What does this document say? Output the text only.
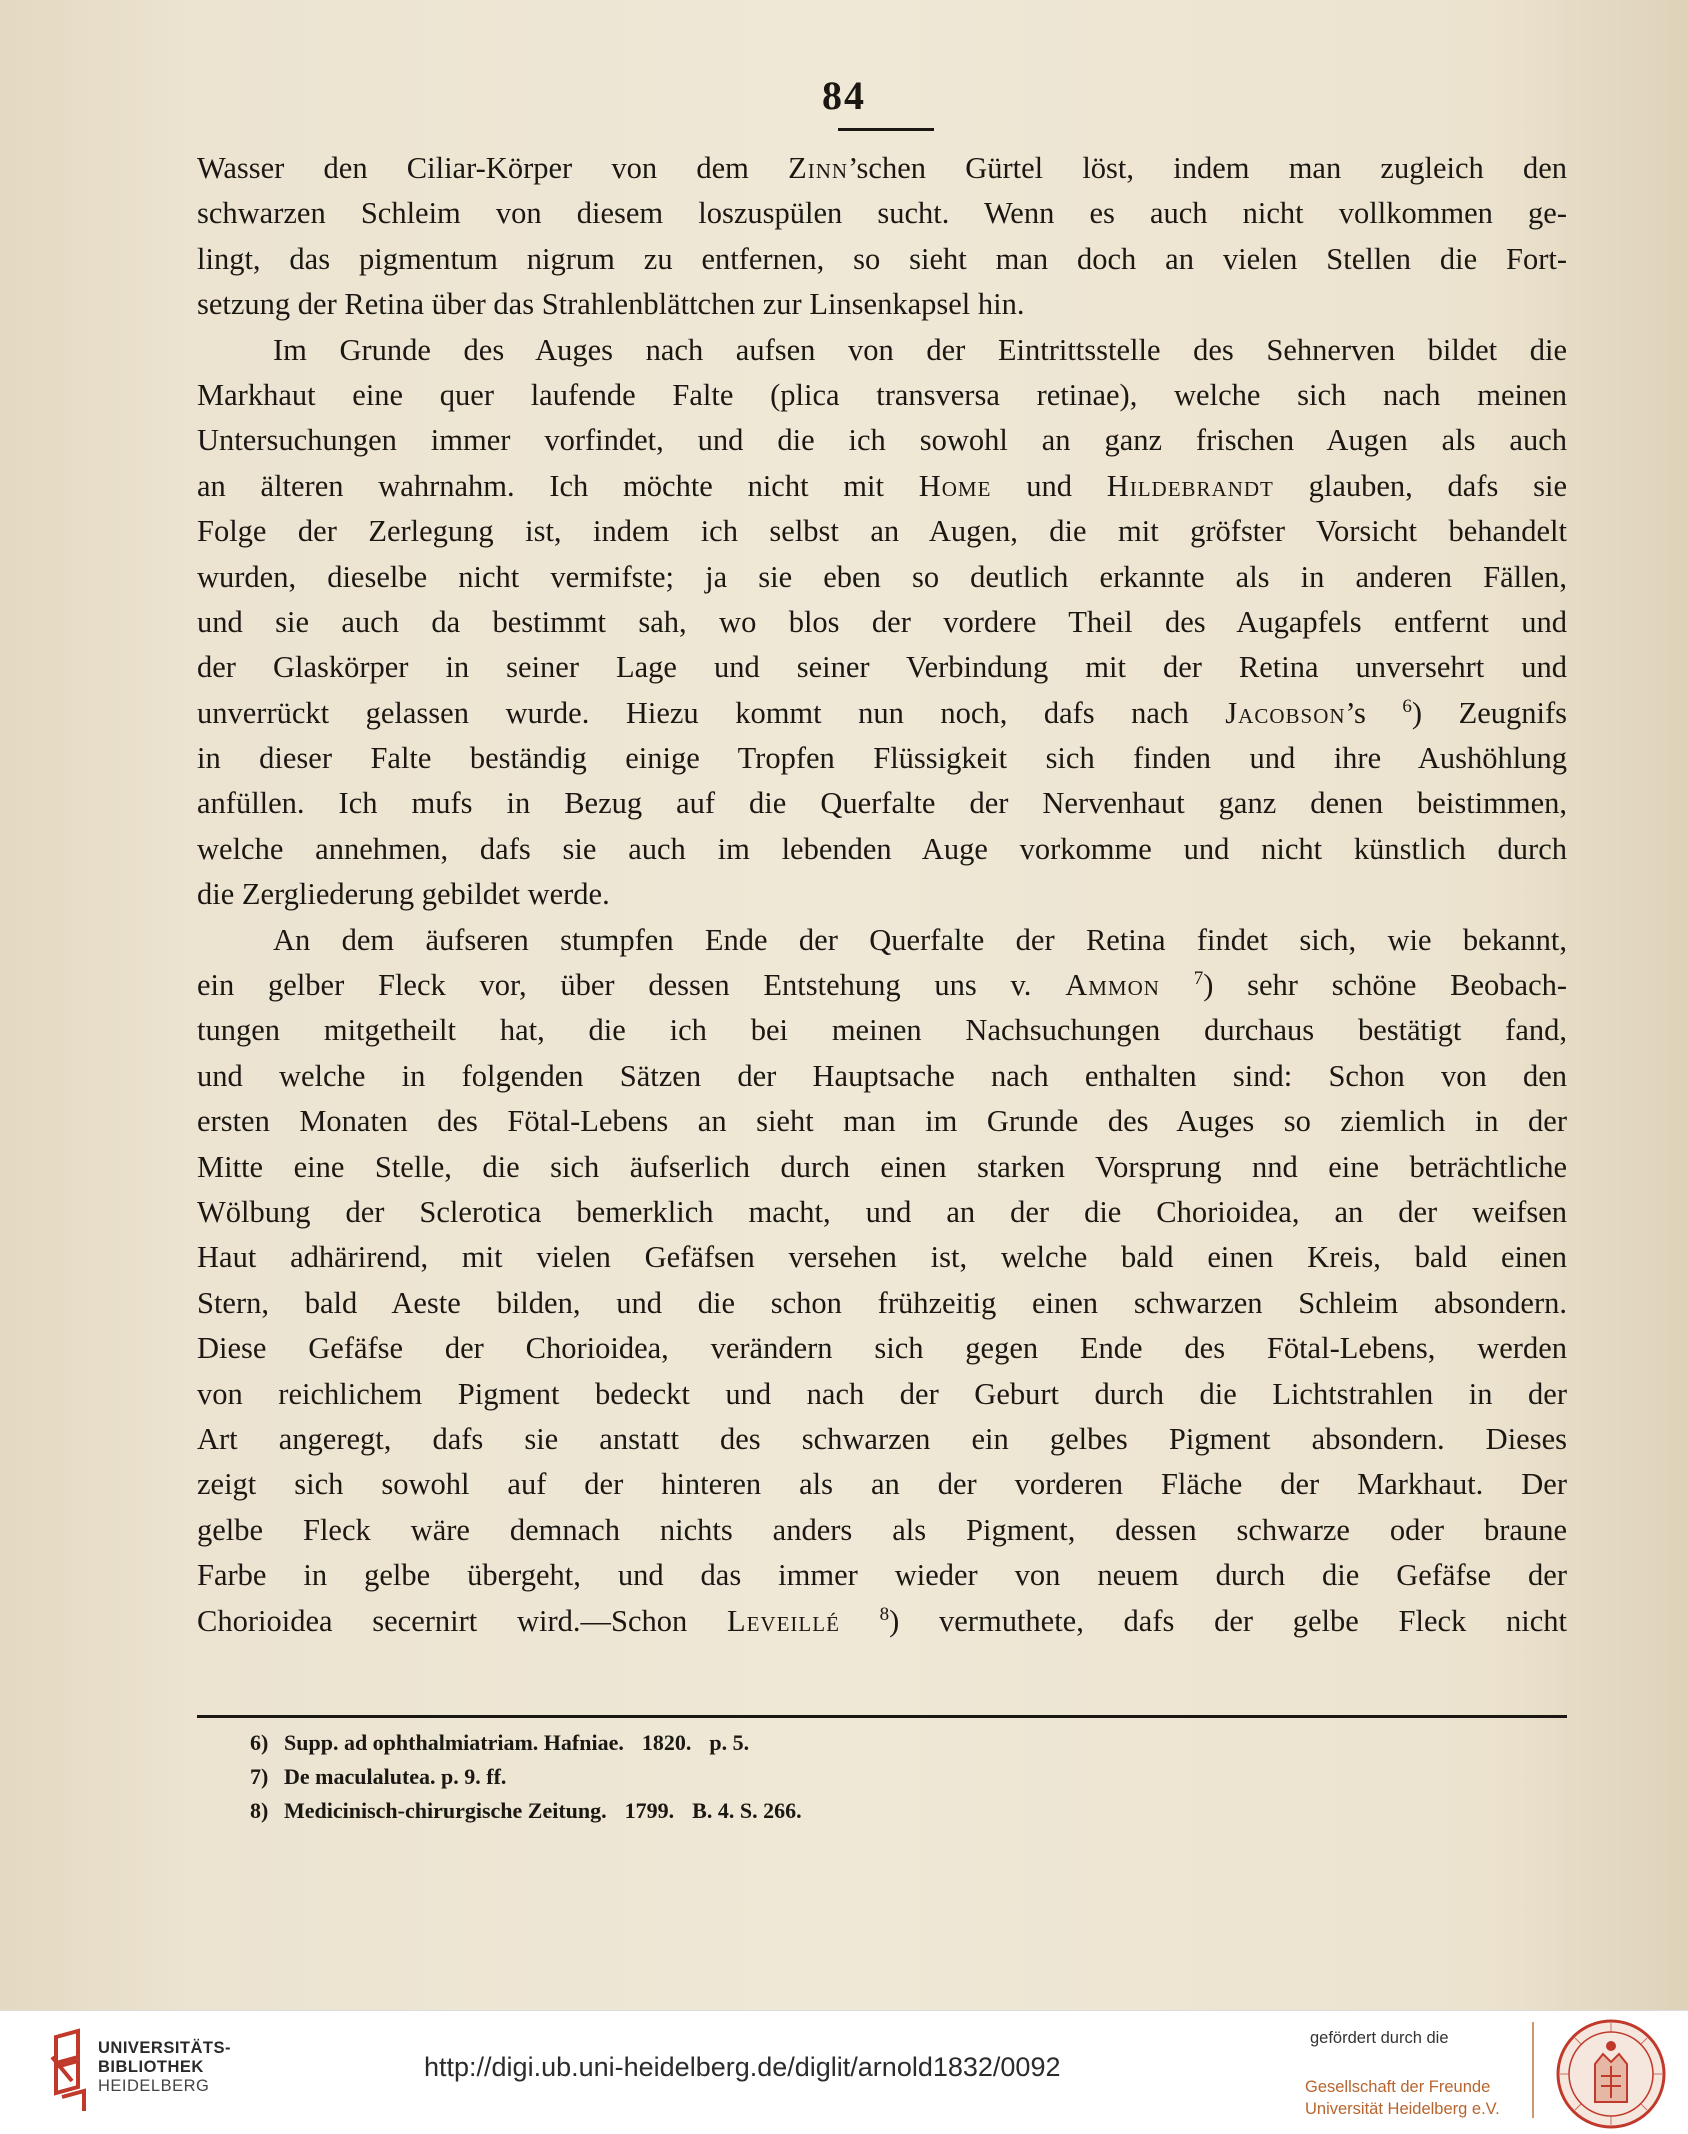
84
Wasser den Ciliar-Körper von dem Zinn’schen Gürtel löst, indem man zugleich den
schwarzen Schleim von diesem loszuspülen sucht. Wenn es auch nicht vollkommen ge-
lingt, das pigmentum nigrum zu entfernen, so sieht man doch an vielen Stellen die Fort-
setzung der Retina über das Strahlenblättchen zur Linsenkapsel hin.
Im Grunde des Auges nach aufsen von der Eintrittsstelle des Sehnerven bildet die
Markhaut eine quer laufende Falte (plica transversa retinae), welche sich nach meinen
Untersuchungen immer vorfindet, und die ich sowohl an ganz frischen Augen als auch
an älteren wahrnahm. Ich möchte nicht mit Home und Hildebrandt glauben, dafs sie
Folge der Zerlegung ist, indem ich selbst an Augen, die mit gröfster Vorsicht behandelt
wurden, dieselbe nicht vermifste; ja sie eben so deutlich erkannte als in anderen Fällen,
und sie auch da bestimmt sah, wo blos der vordere Theil des Augapfels entfernt und
der Glaskörper in seiner Lage und seiner Verbindung mit der Retina unversehrt und
unverrückt gelassen wurde. Hiezu kommt nun noch, dafs nach Jacobson’s $^6$) Zeugnifs
in dieser Falte beständig einige Tropfen Flüssigkeit sich finden und ihre Aushöhlung
anfüllen. Ich mufs in Bezug auf die Querfalte der Nervenhaut ganz denen beistimmen,
welche annehmen, dafs sie auch im lebenden Auge vorkomme und nicht künstlich durch
die Zergliederung gebildet werde.
An dem äufseren stumpfen Ende der Querfalte der Retina findet sich, wie bekannt,
ein gelber Fleck vor, über dessen Entstehung uns v. Ammon $^7$) sehr schöne Beobach-
tungen mitgetheilt hat, die ich bei meinen Nachsuchungen durchaus bestätigt fand,
und welche in folgenden Sätzen der Hauptsache nach enthalten sind: Schon von den
ersten Monaten des Fötal-Lebens an sieht man im Grunde des Auges so ziemlich in der
Mitte eine Stelle, die sich äufserlich durch einen starken Vorsprung nnd eine beträchtliche
Wölbung der Sclerotica bemerklich macht, und an der die Chorioidea, an der weifsen
Haut adhärirend, mit vielen Gefäfsen versehen ist, welche bald einen Kreis, bald einen
Stern, bald Aeste bilden, und die schon frühzeitig einen schwarzen Schleim absondern.
Diese Gefäfse der Chorioidea, verändern sich gegen Ende des Fötal-Lebens, werden
von reichlichem Pigment bedeckt und nach der Geburt durch die Lichtstrahlen in der
Art angeregt, dafs sie anstatt des schwarzen ein gelbes Pigment absondern. Dieses
zeigt sich sowohl auf der hinteren als an der vorderen Fläche der Markhaut. Der
gelbe Fleck wäre demnach nichts anders als Pigment, dessen schwarze oder braune
Farbe in gelbe übergeht, und das immer wieder von neuem durch die Gefäfse der
Chorioidea secernirt wird.—Schon Leveillé $^8$) vermuthete, dafs der gelbe Fleck nicht
6) Supp. ad ophthalmiatriam. Hafniae. 1820. p. 5.
7) De maculalutea. p. 9. ff.
8) Medicinisch-chirurgische Zeitung. 1799. B. 4. S. 266.
UNIVERSITÄTS-
BIBLIOTHEK
HEIDELBERG
http://digi.ub.uni-heidelberg.de/diglit/arnold1832/0092
gefördert durch die
Gesellschaft der Freunde
Universität Heidelberg e.V.
